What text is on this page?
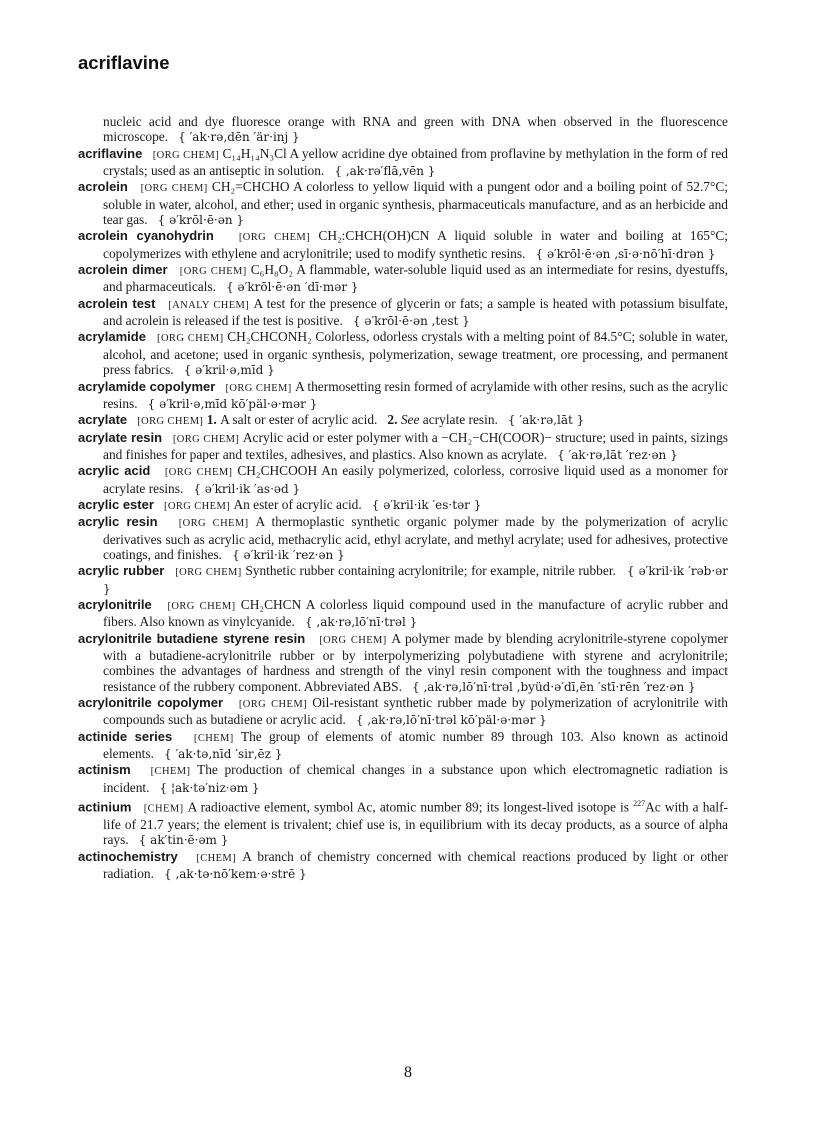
acriflavine

nucleic acid and dye fluoresce orange with RNA and green with DNA when observed in the fluorescence microscope. { ′ak·rə‚dēn ′är·inj }

acriflavine [ORG CHEM] C₁₄H₁₄N₃Cl A yellow acridine dye obtained from proflavine by methylation in the form of red crystals; used as an antiseptic in solution. { ‚ak·rə′flā‚vēn }

acrolein [ORG CHEM] CH₂=CHCHO A colorless to yellow liquid with a pungent odor and a boiling point of 52.7°C; soluble in water, alcohol, and ether; used in organic synthesis, pharmaceuticals manufacture, and as an herbicide and tear gas. { ə′krōl·ē·ən }

acrolein cyanohydrin [ORG CHEM] CH₂:CHCH(OH)CN A liquid soluble in water and boiling at 165°C; copolymerizes with ethylene and acrylonitrile; used to modify synthetic resins. { ə′krōl·ē·ən ‚sī·ə·nō′hī·drən }

acrolein dimer [ORG CHEM] C₆H₈O₂ A flammable, water-soluble liquid used as an intermediate for resins, dyestuffs, and pharmaceuticals. { ə′krōl·ē·ən ′dī·mər }

acrolein test [ANALY CHEM] A test for the presence of glycerin or fats; a sample is heated with potassium bisulfate, and acrolein is released if the test is positive. { ə′krōl·ē·ən ‚test }

acrylamide [ORG CHEM] CH₂CHCONH₂ Colorless, odorless crystals with a melting point of 84.5°C; soluble in water, alcohol, and acetone; used in organic synthesis, polymerization, sewage treatment, ore processing, and permanent press fabrics. { ə′kril·ə‚mīd }

acrylamide copolymer [ORG CHEM] A thermosetting resin formed of acrylamide with other resins, such as the acrylic resins. { ə′kril·ə‚mīd kō′päl·ə·mər }

acrylate [ORG CHEM] 1. A salt or ester of acrylic acid. 2. See acrylate resin. { ′ak·rə‚lāt }

acrylate resin [ORG CHEM] Acrylic acid or ester polymer with a −CH₂−CH(COOR)− structure; used in paints, sizings and finishes for paper and textiles, adhesives, and plastics. Also known as acrylate. { ′ak·rə‚lāt ′rez·ən }

acrylic acid [ORG CHEM] CH₂CHCOOH An easily polymerized, colorless, corrosive liquid used as a monomer for acrylate resins. { ə′kril·ik ′as·əd }

acrylic ester [ORG CHEM] An ester of acrylic acid. { ə′kril·ik ′es·tər }

acrylic resin [ORG CHEM] A thermoplastic synthetic organic polymer made by the polymerization of acrylic derivatives such as acrylic acid, methacrylic acid, ethyl acrylate, and methyl acrylate; used for adhesives, protective coatings, and finishes. { ə′kril·ik ′rez·ən }

acrylic rubber [ORG CHEM] Synthetic rubber containing acrylonitrile; for example, nitrile rubber. { ə′kril·ik ′rəb·ər }

acrylonitrile [ORG CHEM] CH₂CHCN A colorless liquid compound used in the manufacture of acrylic rubber and fibers. Also known as vinylcyanide. { ‚ak·rə‚lō′nī·trəl }

acrylonitrile butadiene styrene resin [ORG CHEM] A polymer made by blending acrylonitrile-styrene copolymer with a butadiene-acrylonitrile rubber or by interpolymerizing polybutadiene with styrene and acrylonitrile; combines the advantages of hardness and strength of the vinyl resin component with the toughness and impact resistance of the rubbery component. Abbreviated ABS. { ‚ak·rə‚lō′nī·trəl ‚byüd·ə′dī‚ēn ′stī·rēn ′rez·ən }

acrylonitrile copolymer [ORG CHEM] Oil-resistant synthetic rubber made by polymerization of acrylonitrile with compounds such as butadiene or acrylic acid. { ‚ak·rə‚lō′nī·trəl kō′päl·ə·mər }

actinide series [CHEM] The group of elements of atomic number 89 through 103. Also known as actinoid elements. { ′ak·tə‚nīd ′sir‚ēz }

actinism [CHEM] The production of chemical changes in a substance upon which electromagnetic radiation is incident. { ¦ak·tə′niz·əm }

actinium [CHEM] A radioactive element, symbol Ac, atomic number 89; its longest-lived isotope is $^{227}$Ac with a half-life of 21.7 years; the element is trivalent; chief use is, in equilibrium with its decay products, as a source of alpha rays. { ak′tin·ē·əm }

actinochemistry [CHEM] A branch of chemistry concerned with chemical reactions produced by light or other radiation. { ‚ak·tə·nō′kem·ə·strē }

8
